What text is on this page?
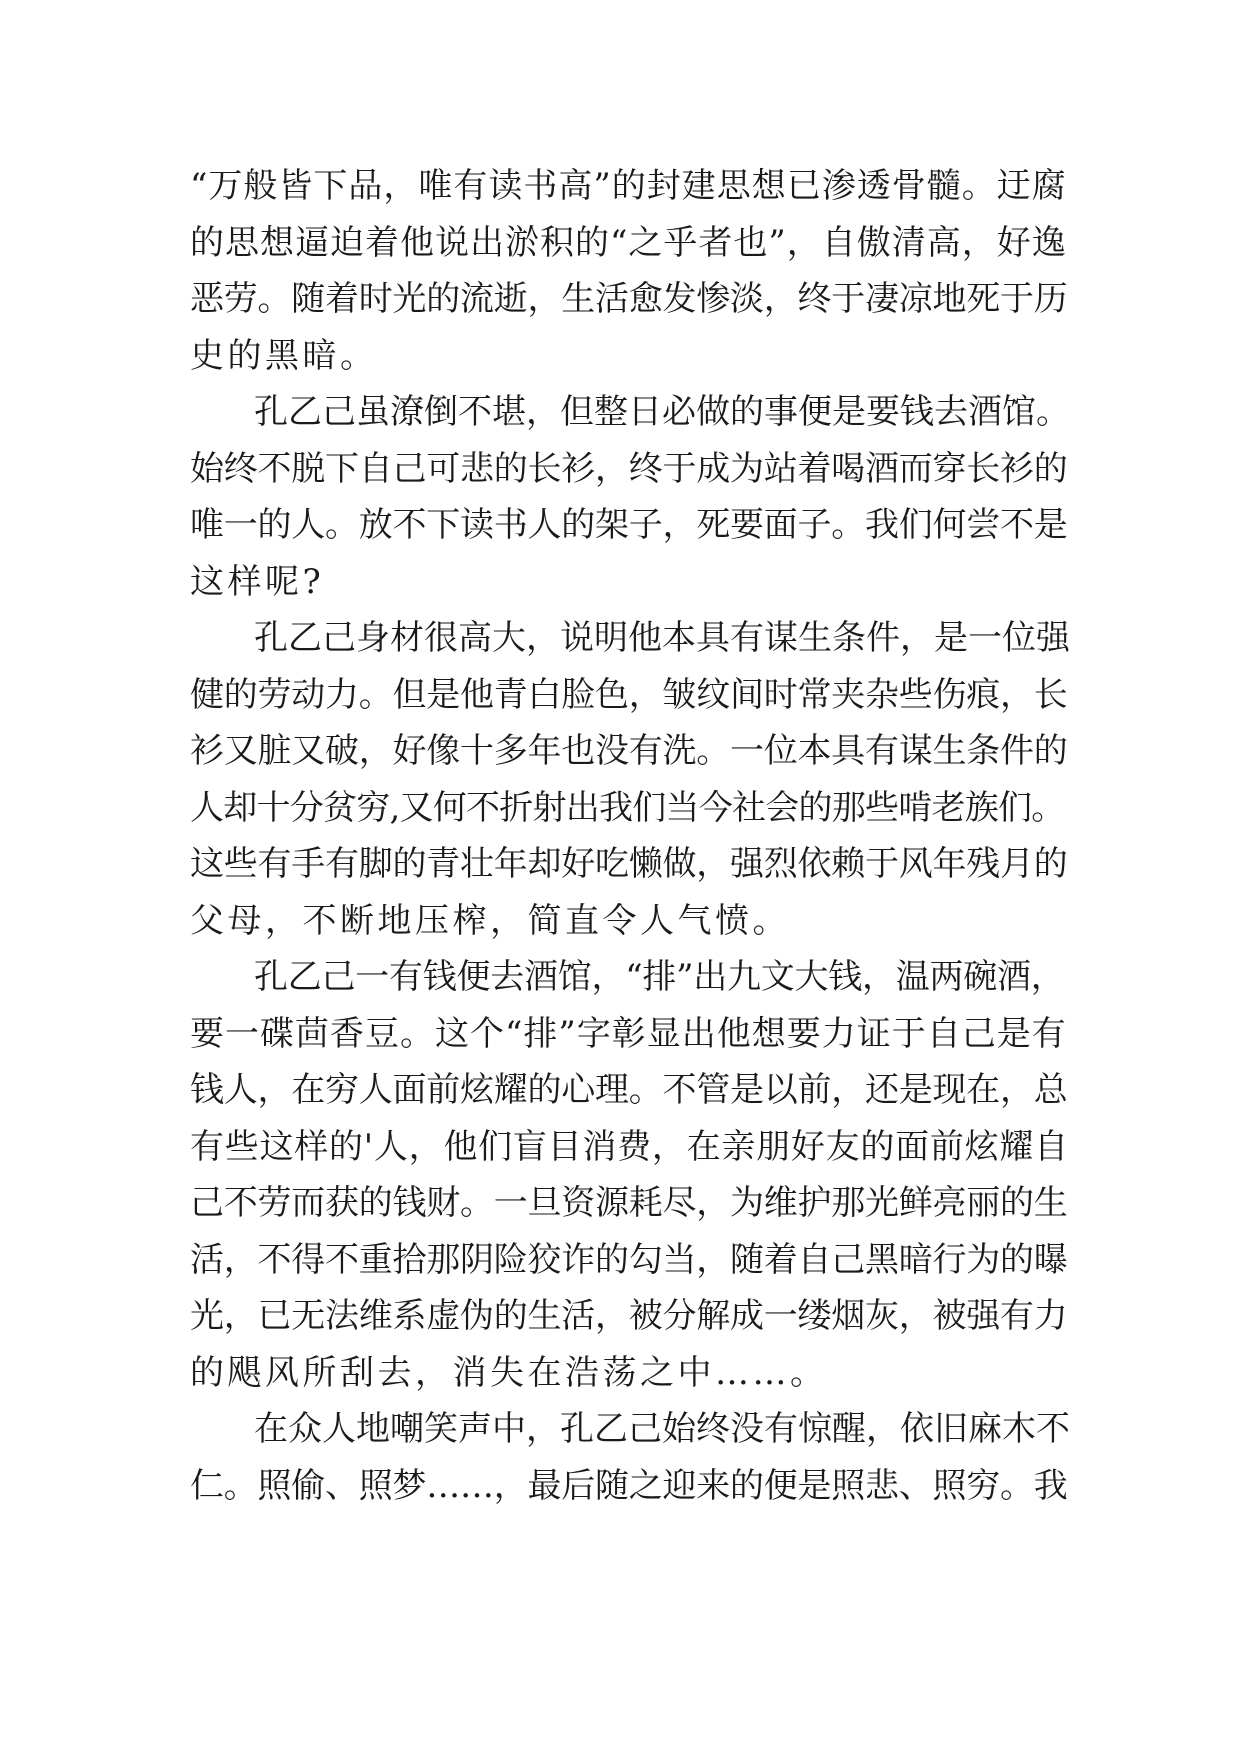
“万般皆下品，唯有读书高”的封建思想已渗透骨髓。迂腐
的思想逼迫着他说出淤积的“之乎者也”，自傲清高，好逸
恶劳。随着时光的流逝，生活愈发惨淡，终于凄凉地死于历
史的黑暗。
孔乙己虽潦倒不堪，但整日必做的事便是要钱去酒馆。
始终不脱下自己可悲的长衫，终于成为站着喝酒而穿长衫的
唯一的人。放不下读书人的架子，死要面子。我们何尝不是
这样呢?
孔乙己身材很高大，说明他本具有谋生条件，是一位强
健的劳动力。但是他青白脸色，皱纹间时常夹杂些伤痕，长
衫又脏又破，好像十多年也没有洗。一位本具有谋生条件的
人却十分贫穷,又何不折射出我们当今社会的那些啃老族们。
这些有手有脚的青壮年却好吃懒做，强烈依赖于风年残月的
父母，不断地压榨，简直令人气愤。
孔乙己一有钱便去酒馆，“排”出九文大钱，温两碗酒，
要一碟茴香豆。这个“排”字彰显出他想要力证于自己是有
钱人，在穷人面前炫耀的心理。不管是以前，还是现在，总
有些这样的'人，他们盲目消费，在亲朋好友的面前炫耀自
己不劳而获的钱财。一旦资源耗尽，为维护那光鲜亮丽的生
活，不得不重拾那阴险狡诈的勾当，随着自己黑暗行为的曝
光，已无法维系虚伪的生活，被分解成一缕烟灰，被强有力
的飓风所刮去，消失在浩荡之中……。
在众人地嘲笑声中，孔乙己始终没有惊醒，依旧麻木不
仁。照偷、照梦……，最后随之迎来的便是照悲、照穷。我
